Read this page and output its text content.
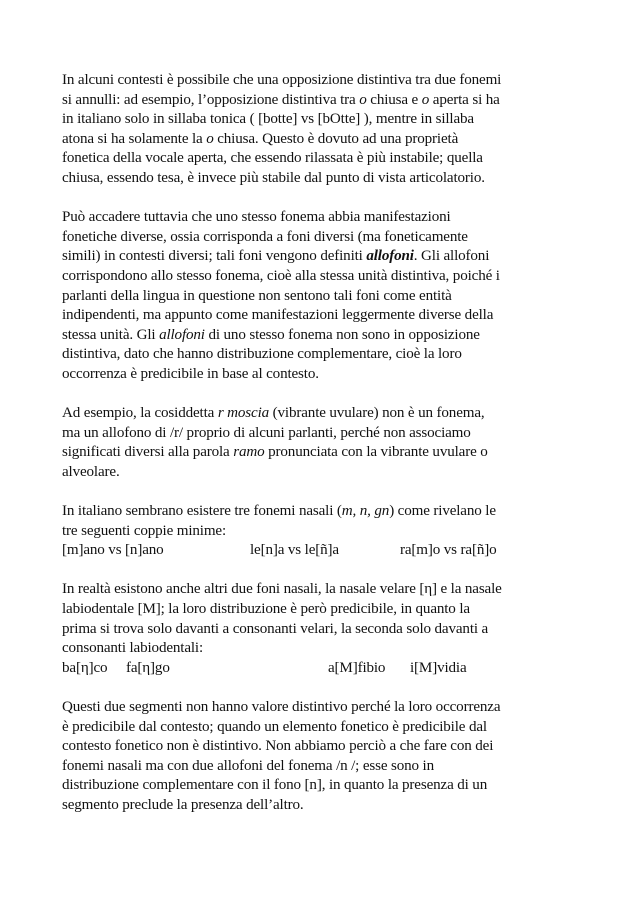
In alcuni contesti è possibile che una opposizione distintiva tra due fonemi
si annulli: ad esempio, l’opposizione distintiva tra o chiusa e o aperta si ha
in italiano solo in sillaba tonica ( [botte] vs [bOtte] ), mentre in sillaba
atona si ha solamente la o chiusa. Questo è dovuto ad una proprietà
fonetica della vocale aperta, che essendo rilassata è più instabile; quella
chiusa, essendo tesa, è invece più stabile dal punto di vista articolatorio.
Può accadere tuttavia che uno stesso fonema abbia manifestazioni
fonetiche diverse, ossia corrisponda a foni diversi (ma foneticamente
simili) in contesti diversi; tali foni vengono definiti allofoni. Gli allofoni
corrispondono allo stesso fonema, cioè alla stessa unità distintiva, poiché i
parlanti della lingua in questione non sentono tali foni come entità
indipendenti, ma appunto come manifestazioni leggermente diverse della
stessa unità. Gli allofoni di uno stesso fonema non sono in opposizione
distintiva, dato che hanno distribuzione complementare, cioè la loro
occorrenza è predicibile in base al contesto.
Ad esempio, la cosiddetta r moscia (vibrante uvulare) non è un fonema,
ma un allofono di /r/ proprio di alcuni parlanti, perché non associamo
significati diversi alla parola ramo pronunciata con la vibrante uvulare o
alveolare.
In italiano sembrano esistere tre fonemi nasali (m, n, gn) come rivelano le
tre seguenti coppie minime:
[m]ano vs [n]ano	le[n]a vs le[ñ]a	ra[m]o vs ra[ñ]o
In realtà esistono anche altri due foni nasali, la nasale velare [η] e la nasale
labiodentale [M]; la loro distribuzione è però predicibile, in quanto la
prima si trova solo davanti a consonanti velari, la seconda solo davanti a
consonanti labiodentali:
ba[η]co fa[η]go	a[M]fibio i[M]vidia
Questi due segmenti non hanno valore distintivo perché la loro occorrenza
è predicibile dal contesto; quando un elemento fonetico è predicibile dal
contesto fonetico non è distintivo. Non abbiamo perciò a che fare con dei
fonemi nasali ma con due allofoni del fonema /n /; esse sono in
distribuzione complementare con il fono [n], in quanto la presenza di un
segmento preclude la presenza dell’altro.
